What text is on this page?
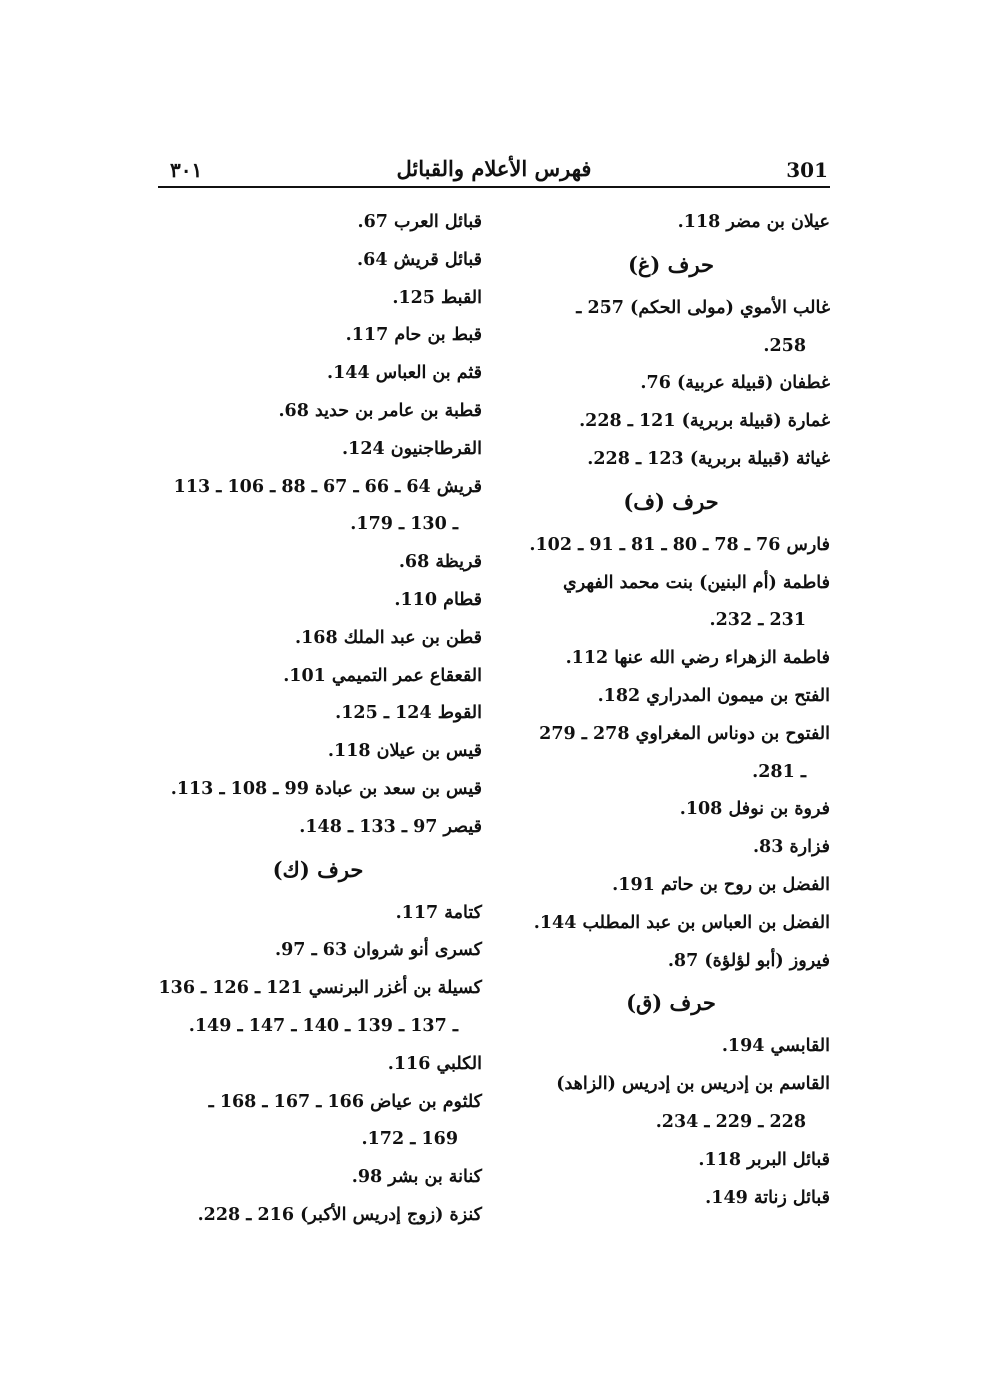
٣٠١	فهرس الأعلام والقبائل	301
عيلان بن مضر 118.
حرف (غ)
غالب الأموي (مولى الحكم) 257 ـ
258.
غطفان (قبيلة عربية) 76.
غمارة (قبيلة بربرية) 121 ـ 228.
غياثة (قبيلة بربرية) 123 ـ 228.
حرف (ف)
فارس 76 ـ 78 ـ 80 ـ 81 ـ 91 ـ 102.
فاطمة (أم البنين) بنت محمد الفهري
231 ـ 232.
فاطمة الزهراء رضي الله عنها 112.
الفتح بن ميمون المدراري 182.
الفتوح بن دوناس المغراوي 278 ـ 279
ـ 281.
فروة بن نوفل 108.
فزارة 83.
الفضل بن روح بن حاتم 191.
الفضل بن العباس بن عبد المطلب 144.
فيروز (أبو لؤلؤة) 87.
حرف (ق)
القابسي 194.
القاسم بن إدريس بن إدريس (الزاهد)
228 ـ 229 ـ 234.
قبائل البربر 118.
قبائل زناتة 149.
قبائل العرب 67.
قبائل قريش 64.
القبط 125.
قبط بن حام 117.
قثم بن العباس 144.
قطبة بن عامر بن حديد 68.
القرطاجنيون 124.
قريش 64 ـ 66 ـ 67 ـ 88 ـ 106 ـ 113
ـ 130 ـ 179.
قريظة 68.
قطام 110.
قطن بن عبد الملك 168.
القعقاع عمر التميمي 101.
القوط 124 ـ 125.
قيس بن عيلان 118.
قيس بن سعد بن عبادة 99 ـ 108 ـ 113.
قيصر 97 ـ 133 ـ 148.
حرف (ك)
كتامة 117.
كسرى أنو شروان 63 ـ 97.
كسيلة بن أغزر البرنسي 121 ـ 126 ـ 136
ـ 137 ـ 139 ـ 140 ـ 147 ـ 149.
الكلبي 116.
كلثوم بن عياض 166 ـ 167 ـ 168 ـ
169 ـ 172.
كنانة بن بشر 98.
كنزة (زوج إدريس الأكبر) 216 ـ 228.
